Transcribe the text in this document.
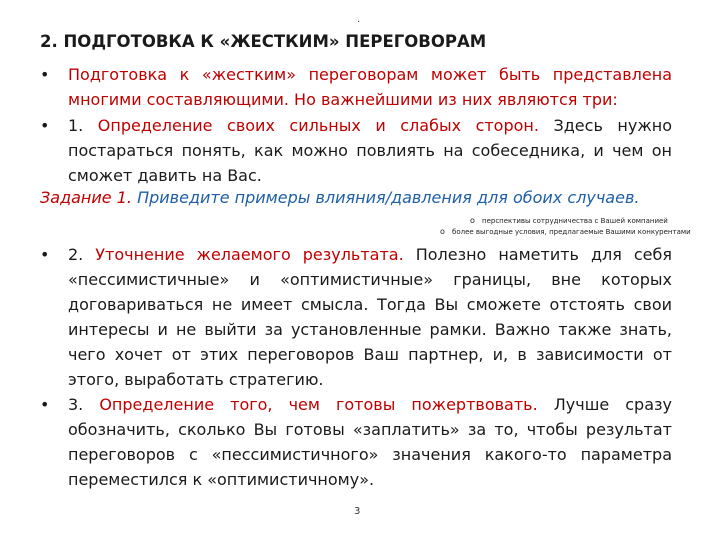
.
2. ПОДГОТОВКА К «ЖЕСТКИМ» ПЕРЕГОВОРАМ
• Подготовка к «жестким» переговорам может быть представлена многими составляющими. Но важнейшими из них являются три:
• 1. Определение своих сильных и слабых сторон. Здесь нужно постараться понять, как можно повлиять на собеседника, и чем он сможет давить на Вас.
Задание 1. Приведите примеры влияния/давления для обоих случаев.
o перспективы сотрудничества с Вашей компанией
o более выгодные условия, предлагаемые Вашими конкурентами
• 2. Уточнение желаемого результата. Полезно наметить для себя «пессимистичные» и «оптимистичные» границы, вне которых договариваться не имеет смысла. Тогда Вы сможете отстоять свои интересы и не выйти за установленные рамки. Важно также знать, чего хочет от этих переговоров Ваш партнер, и, в зависимости от этого, выработать стратегию.
• 3. Определение того, чем готовы пожертвовать. Лучше сразу обозначить, сколько Вы готовы «заплатить» за то, чтобы результат переговоров с «пессимистичного» значения какого-то параметра переместился к «оптимистичному».
3
